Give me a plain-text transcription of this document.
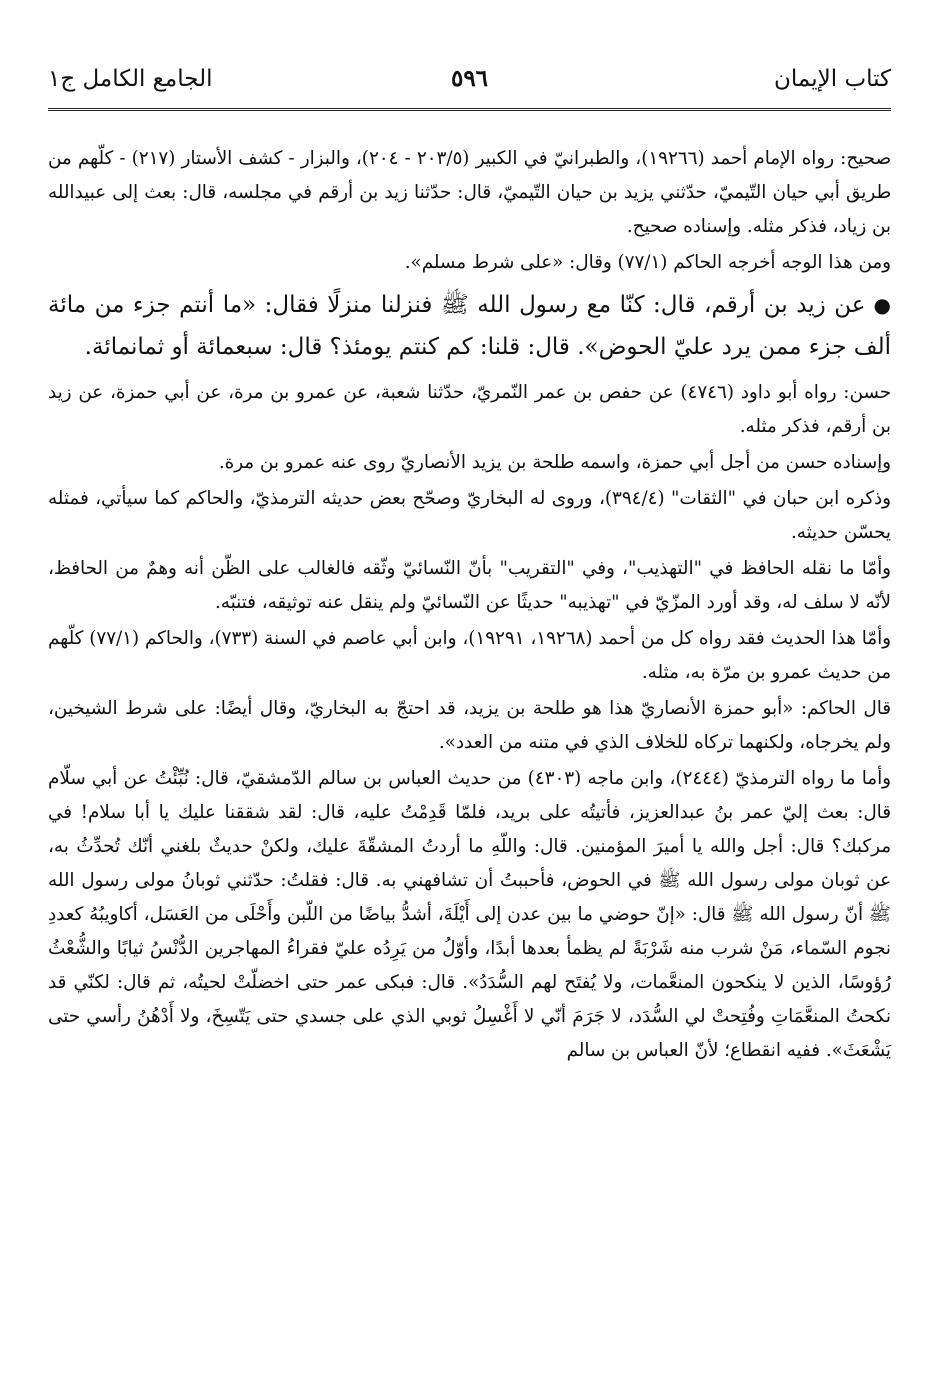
كتاب الإيمان
٥٩٦
الجامع الكامل ج١

صحيح: رواه الإمام أحمد (١٩٢٦٦)، والطبرانيّ في الكبير (٢٠٣/٥ - ٢٠٤)، والبزار - كشف الأستار (٢١٧) - كلّهم من طريق أبي حيان التّيميّ، حدّثني يزيد بن حيان التّيميّ، قال: حدّثنا زيد بن أرقم في مجلسه، قال: بعث إلى عبيدالله بن زياد، فذكر مثله. وإسناده صحيح.

ومن هذا الوجه أخرجه الحاكم (٧٧/١) وقال: «على شرط مسلم».

●عن زيد بن أرقم، قال: كنّا مع رسول الله ﷺ فنزلنا منزلًا فقال: «ما أنتم جزء من مائة ألف جزء ممن يرد عليّ الحوض». قال: قلنا: كم كنتم يومئذ؟ قال: سبعمائة أو ثمانمائة.

حسن: رواه أبو داود (٤٧٤٦) عن حفص بن عمر النّمريّ، حدّثنا شعبة، عن عمرو بن مرة، عن أبي حمزة، عن زيد بن أرقم، فذكر مثله.

وإسناده حسن من أجل أبي حمزة، واسمه طلحة بن يزيد الأنصاريّ روى عنه عمرو بن مرة.

وذكره ابن حبان في "الثقات" (٣٩٤/٤)، وروى له البخاريّ وصحّح بعض حديثه الترمذيّ، والحاكم كما سيأتي، فمثله يحسّن حديثه.

وأمّا ما نقله الحافظ في "التهذيب"، وفي "التقريب" بأنّ النّسائيّ وثّقه فالغالب على الظّن أنه وهمٌ من الحافظ، لأنّه لا سلف له، وقد أورد المزّيّ في "تهذيبه" حديثًا عن النّسائيّ ولم ينقل عنه توثيقه، فتنبّه.

وأمّا هذا الحديث فقد رواه كل من أحمد (١٩٢٦٨، ١٩٢٩١)، وابن أبي عاصم في السنة (٧٣٣)، والحاكم (٧٧/١) كلّهم من حديث عمرو بن مرّة به، مثله.

قال الحاكم: «أبو حمزة الأنصاريّ هذا هو طلحة بن يزيد، قد احتجّ به البخاريّ، وقال أيضًا: على شرط الشيخين، ولم يخرجاه، ولكنهما تركاه للخلاف الذي في متنه من العدد».

وأما ما رواه الترمذيّ (٢٤٤٤)، وابن ماجه (٤٣٠٣) من حديث العباس بن سالم الدّمشقيّ، قال: نُبِّئْتُ عن أبي سلّام قال: بعث إليّ عمر بنُ عبدالعزيز، فأتيتُه على بريد، فلمّا قَدِمْتُ عليه، قال: لقد شققنا عليك يا أبا سلام! في مركبك؟ قال: أجل والله يا أميرَ المؤمنين. قال: واللّهِ ما أردتُ المشقّةَ عليك، ولكنْ حديثٌ بلغني أنّك تُحدِّثُ به، عن ثوبان مولى رسول الله ﷺ في الحوض، فأحببتُ أن تشافهني به. قال: فقلتُ: حدّثني ثوبانُ مولى رسول الله ﷺ أنّ رسول الله ﷺ قال: «إنّ حوضي ما بين عدن إلى أَيْلَةَ، أشدُّ بياضًا من اللّبن وأَحْلَى من العَسَل، أكاويبُهُ كعددِ نجوم السّماء، مَنْ شرب منه شَرْبَةً لم يظمأ بعدها أبدًا، وأوّلُ من يَرِدُه عليّ فقراءُ المهاجرين الدُّنْسُ ثيابًا والشُّعْثُ رُؤوسًا، الذين لا ينكحون المنعَّمات، ولا يُفتَح لهم السُّدَدُ». قال: فبكى عمر حتى اخضلّتْ لحيتُه، ثم قال: لكنّي قد نكحتُ المنعَّمَاتِ وفُتِحتْ لي السُّدَد، لا جَرَمَ أنّي لا أَغْسِلُ ثوبي الذي على جسدي حتى يَتّسِخَ، ولا أَدْهُنُ رأسي حتى يَشْعَثَ». ففيه انقطاع؛ لأنّ العباس بن سالم
